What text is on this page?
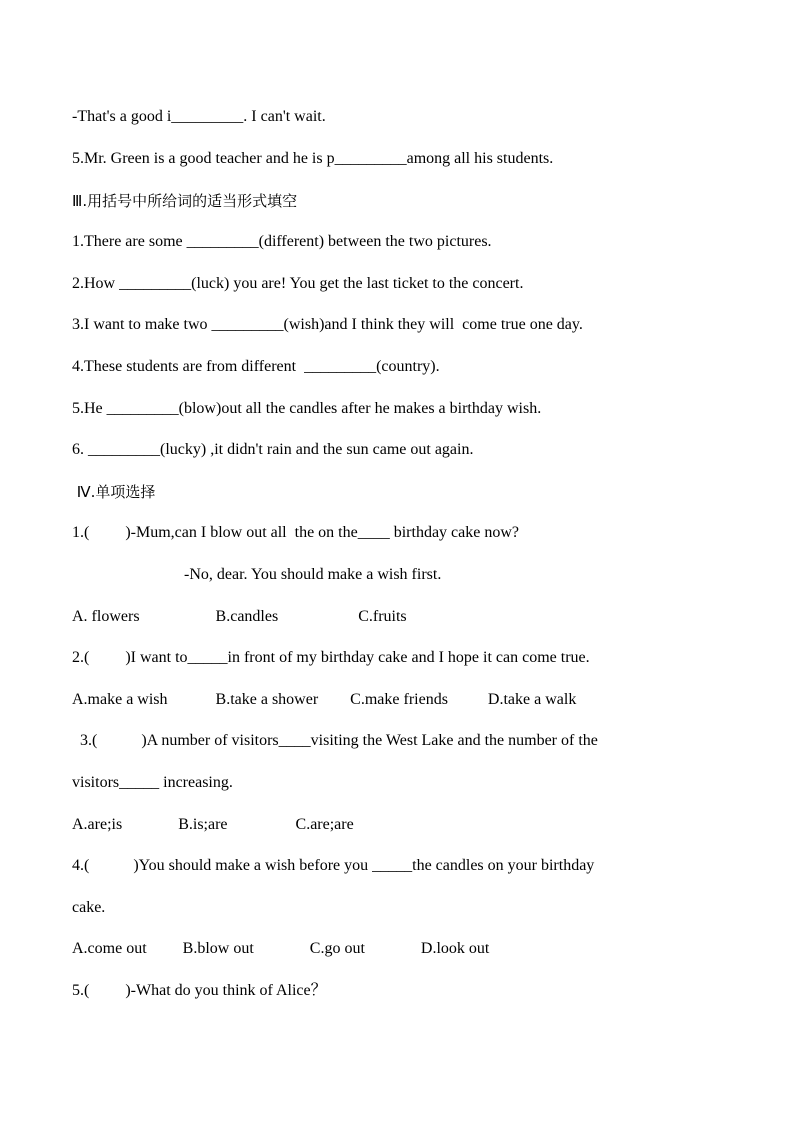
-That's a good i_________. I can't wait.
5.Mr. Green is a good teacher and he is p_________among all his students.
Ⅲ.用括号中所给词的适当形式填空
1.There are some _________(different) between the two pictures.
2.How _________(luck) you are! You get the last ticket to the concert.
3.I want to make two _________(wish)and I think they will  come true one day.
4.These students are from different  _________(country).
5.He _________(blow)out all the candles after he makes a birthday wish.
6. _________(lucky) ,it didn't rain and the sun came out again.
Ⅳ.单项选择
1.(         )-Mum,can I blow out all  the on the____ birthday cake now?
-No, dear. You should make a wish first.
A. flowers                   B.candles                    C.fruits
2.(         )I want to_____in front of my birthday cake and I hope it can come true.
A.make a wish            B.take a shower        C.make friends          D.take a walk
3.(           )A number of visitors____visiting the West Lake and the number of the
visitors_____ increasing.
A.are;is              B.is;are                 C.are;are
4.(           )You should make a wish before you _____the candles on your birthday
cake.
A.come out         B.blow out              C.go out              D.look out
5.(         )-What do you think of Alice？
